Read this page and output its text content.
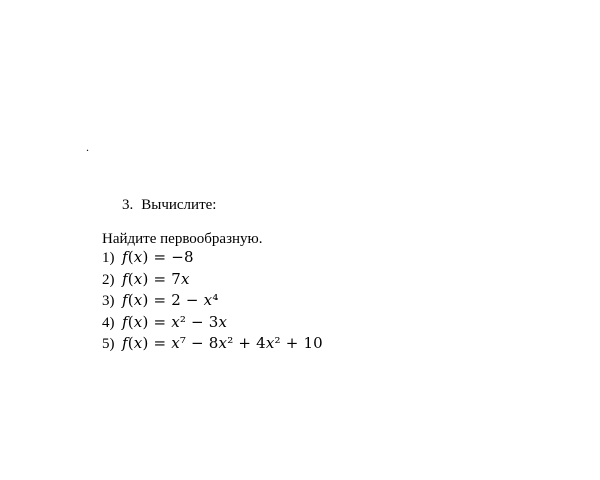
.
3. Вычислите:
Найдите первообразную.
1) 𝑓(𝑥) = −8
2) 𝑓(𝑥) = 7𝑥
3) 𝑓(𝑥) = 2 − 𝑥⁴
4) 𝑓(𝑥) = 𝑥² − 3𝑥
5) 𝑓(𝑥) = 𝑥⁷ − 8𝑥² + 4𝑥² + 10
